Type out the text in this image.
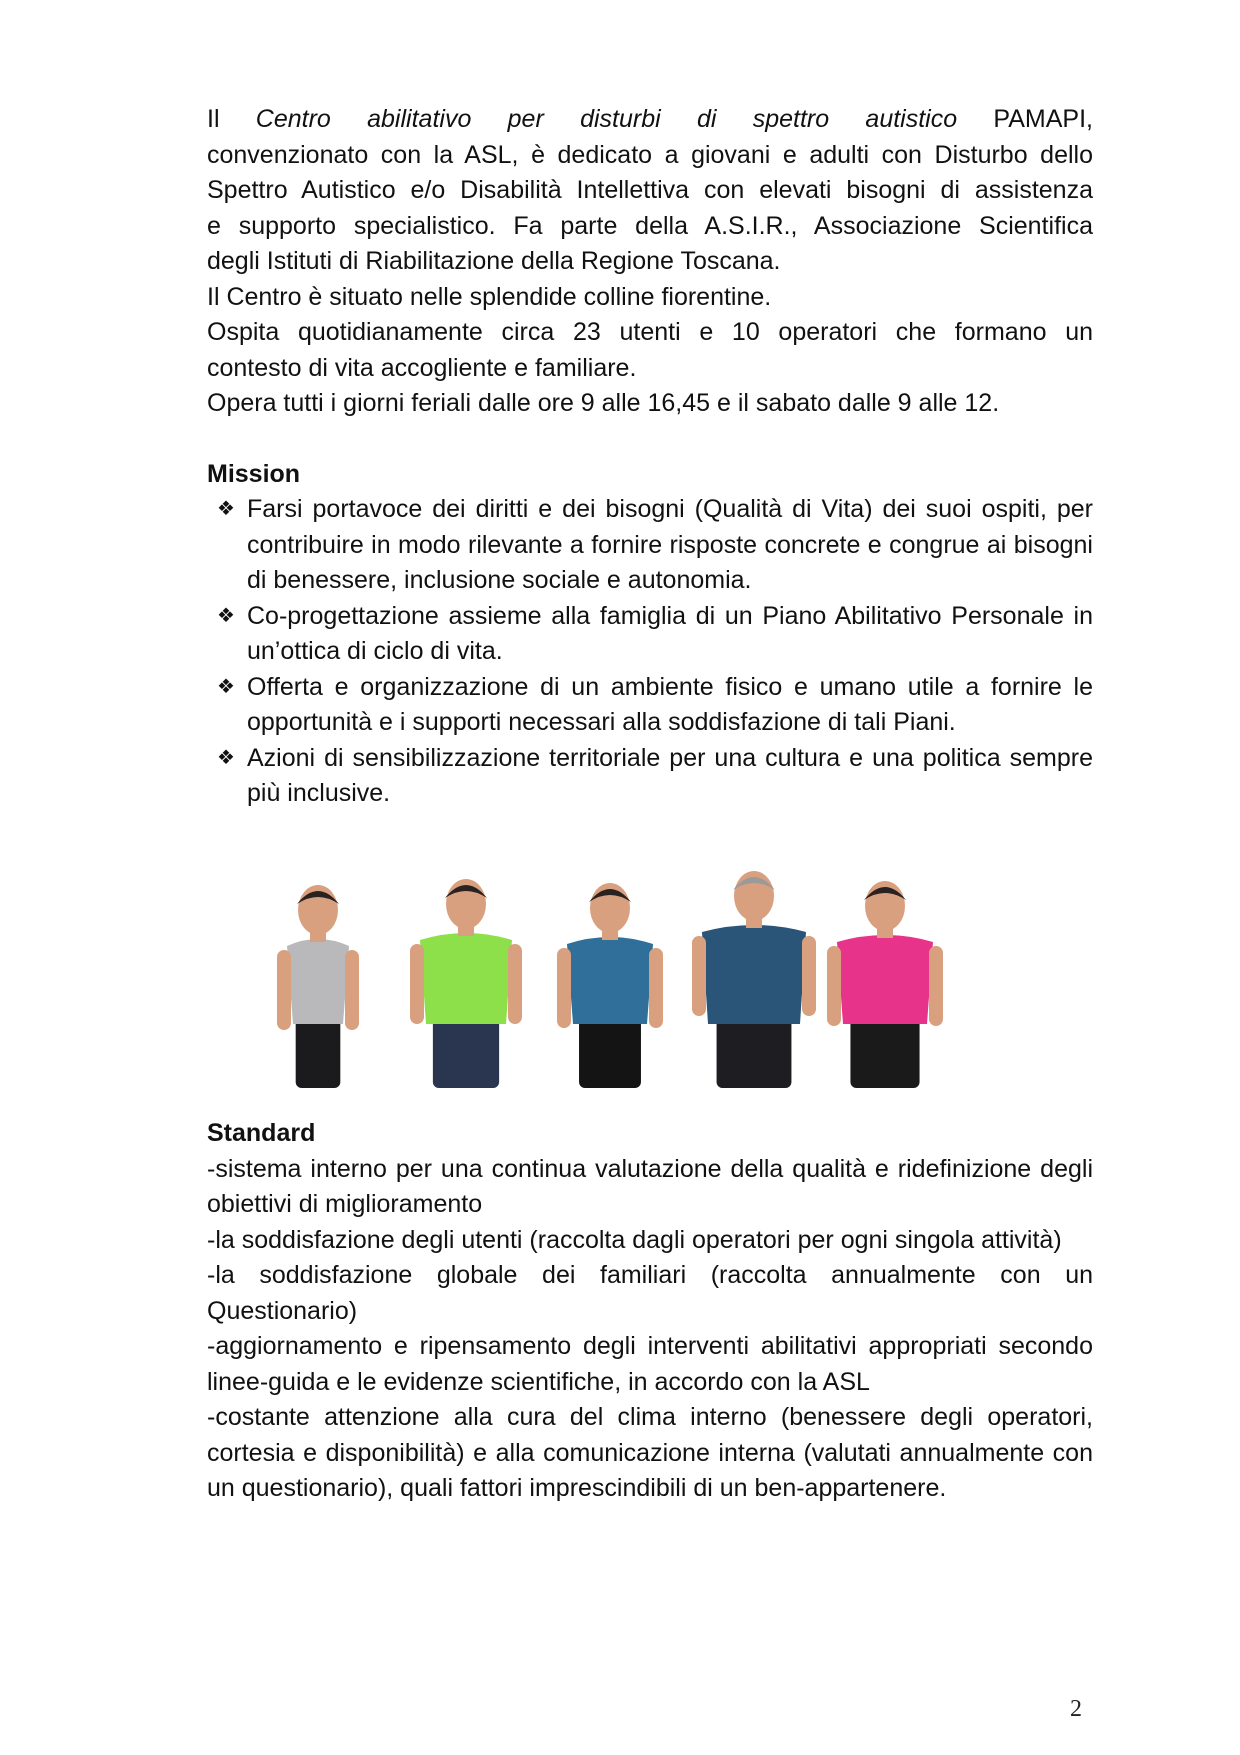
Il Centro abilitativo per disturbi di spettro autistico PAMAPI,
convenzionato con la ASL, è dedicato a giovani e adulti con Disturbo dello
Spettro Autistico e/o Disabilità Intellettiva con elevati bisogni di assistenza
e supporto specialistico. Fa parte della A.S.I.R., Associazione Scientifica
degli Istituti di Riabilitazione della Regione Toscana.

Il Centro è situato nelle splendide colline fiorentine.

Ospita quotidianamente circa 23 utenti e 10 operatori che formano un
contesto di vita accogliente e familiare.

Opera tutti i giorni feriali dalle ore 9 alle 16,45 e il sabato dalle 9 alle 12.

Mission

❖ Farsi portavoce dei diritti e dei bisogni (Qualità di Vita) dei suoi ospiti, per contribuire in modo rilevante a fornire risposte concrete e congrue ai bisogni di benessere, inclusione sociale e autonomia.
❖ Co-progettazione assieme alla famiglia di un Piano Abilitativo Personale in un’ottica di ciclo di vita.
❖ Offerta e organizzazione di un ambiente fisico e umano utile a fornire le opportunità e i supporti necessari alla soddisfazione di tali Piani.
❖ Azioni di sensibilizzazione territoriale per una cultura e una politica sempre più inclusive.

Standard

-sistema interno per una continua valutazione della qualità e ridefinizione degli obiettivi di miglioramento

-la soddisfazione degli utenti (raccolta dagli operatori per ogni singola attività)

-la soddisfazione globale dei familiari (raccolta annualmente con un Questionario)

-aggiornamento e ripensamento degli interventi abilitativi appropriati secondo linee-guida e le evidenze scientifiche, in accordo con la ASL

-costante attenzione alla cura del clima interno (benessere degli operatori, cortesia e disponibilità) e alla comunicazione interna (valutati annualmente con un questionario), quali fattori imprescindibili di un ben-appartenere.

2
